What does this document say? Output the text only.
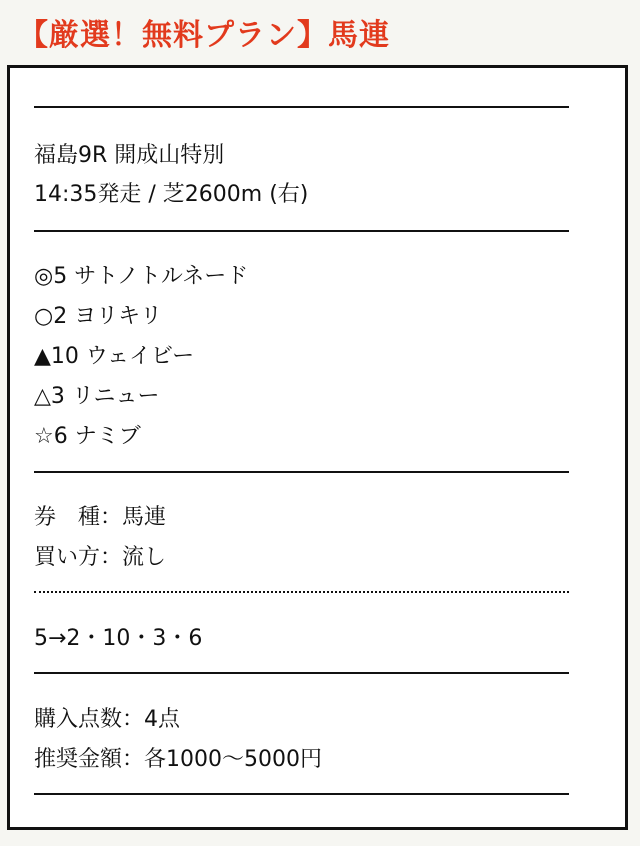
【厳選！無料プラン】馬連
福島9R 開成山特別
14:35発走 / 芝2600m (右)
◎5 サトノトルネード
○2 ヨリキリ
▲10 ウェイビー
△3 リニュー
☆6 ナミブ
券　種：馬連
買い方：流し
5→2・10・3・6
購入点数：4点
推奨金額：各1000〜5000円
